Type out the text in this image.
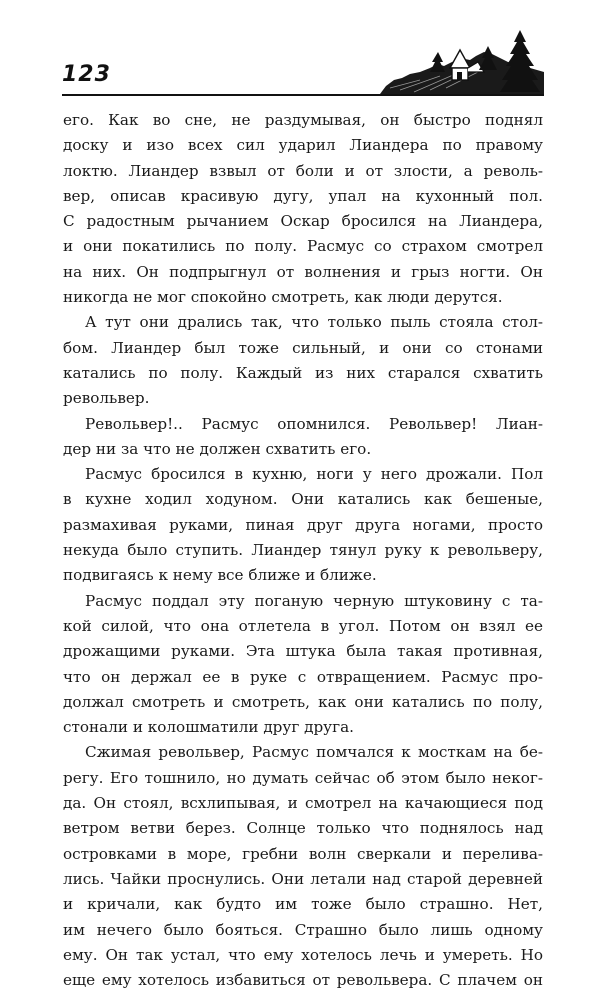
123
его. Как во сне, не раздумывая, он быстро поднял
доску и изо всех сил ударил Лиандера по правому
локтю. Лиандер взвыл от боли и от злости, а револь-
вер, описав красивую дугу, упал на кухонный пол.
С радостным рычанием Оскар бросился на Лиандера,
и они покатились по полу. Расмус со страхом смотрел
на них. Он подпрыгнул от волнения и грыз ногти. Он
никогда не мог спокойно смотреть, как люди дерутся.
А тут они дрались так, что только пыль стояла стол-
бом. Лиандер был тоже сильный, и они со стонами
катались по полу. Каждый из них старался схватить
револьвер.
Револьвер!.. Расмус опомнился. Револьвер! Лиан-
дер ни за что не должен схватить его.
Расмус бросился в кухню, ноги у него дрожали. Пол
в кухне ходил ходуном. Они катались как бешеные,
размахивая руками, пиная друг друга ногами, просто
некуда было ступить. Лиандер тянул руку к револьверу,
подвигаясь к нему все ближе и ближе.
Расмус поддал эту поганую черную штуковину с та-
кой силой, что она отлетела в угол. Потом он взял ее
дрожащими руками. Эта штука была такая противная,
что он держал ее в руке с отвращением. Расмус про-
должал смотреть и смотреть, как они катались по полу,
стонали и колошматили друг друга.
Сжимая револьвер, Расмус помчался к мосткам на бе-
регу. Его тошнило, но думать сейчас об этом было неког-
да. Он стоял, всхлипывая, и смотрел на качающиеся под
ветром ветви берез. Солнце только что поднялось над
островками в море, гребни волн сверкали и перелива-
лись. Чайки проснулись. Они летали над старой деревней
и кричали, как будто им тоже было страшно. Нет,
им нечего было бояться. Страшно было лишь одному
ему. Он так устал, что ему хотелось лечь и умереть. Но
еще ему хотелось избавиться от револьвера. С плачем он
